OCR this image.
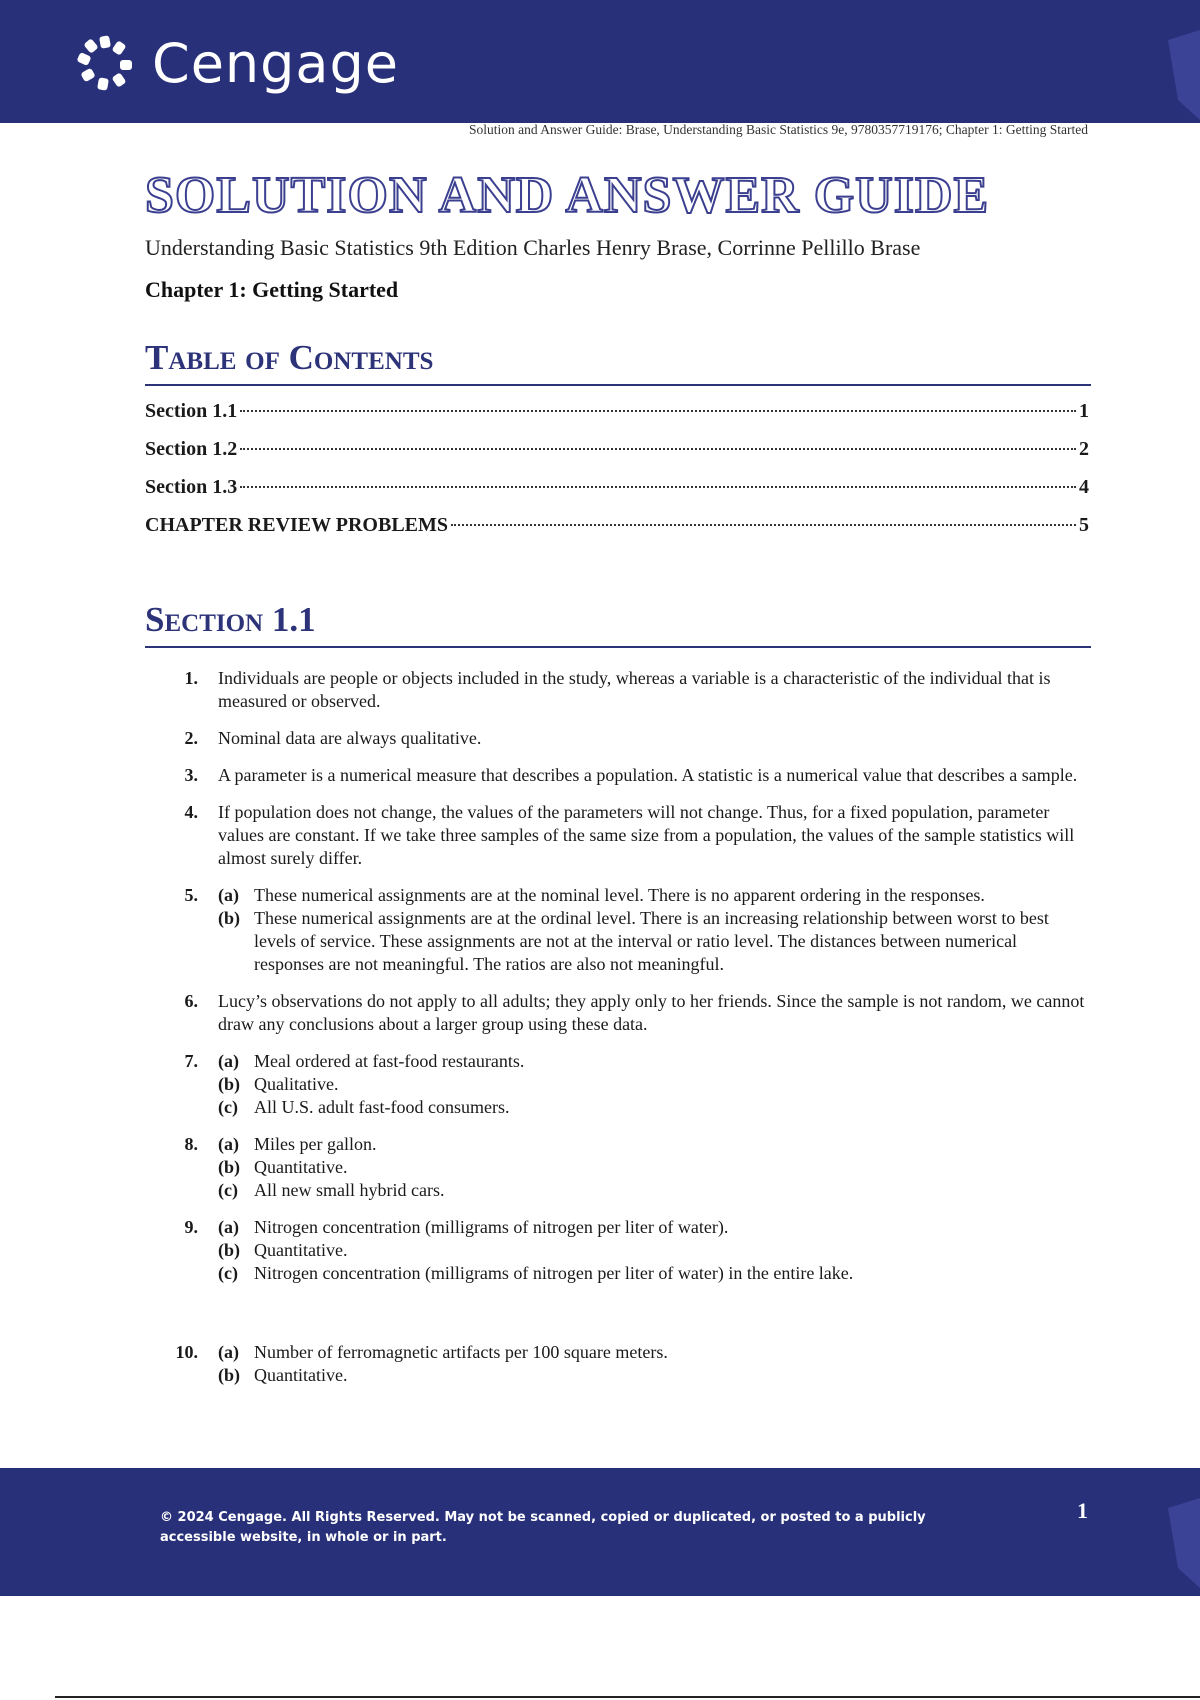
Cengage
Solution and Answer Guide: Brase, Understanding Basic Statistics 9e, 9780357719176; Chapter 1: Getting Started
SOLUTION AND ANSWER GUIDE
Understanding Basic Statistics 9th Edition Charles Henry Brase, Corrinne Pellillo Brase
Chapter 1: Getting Started
Table of Contents
Section 1.1	1
Section 1.2	2
Section 1.3	4
CHAPTER REVIEW PROBLEMS	5
Section 1.1
1.	Individuals are people or objects included in the study, whereas a variable is a characteristic of the individual that is measured or observed.
2.	Nominal data are always qualitative.
3.	A parameter is a numerical measure that describes a population. A statistic is a numerical value that describes a sample.
4.	If population does not change, the values of the parameters will not change. Thus, for a fixed population, parameter values are constant. If we take three samples of the same size from a population, the values of the sample statistics will almost surely differ.
5.	(a) These numerical assignments are at the nominal level. There is no apparent ordering in the responses.
(b) These numerical assignments are at the ordinal level. There is an increasing relationship between worst to best levels of service. These assignments are not at the interval or ratio level. The distances between numerical responses are not meaningful. The ratios are also not meaningful.
6.	Lucy’s observations do not apply to all adults; they apply only to her friends. Since the sample is not random, we cannot draw any conclusions about a larger group using these data.
7.	(a) Meal ordered at fast-food restaurants.
(b) Qualitative.
(c) All U.S. adult fast-food consumers.
8.	(a) Miles per gallon.
(b) Quantitative.
(c) All new small hybrid cars.
9.	(a) Nitrogen concentration (milligrams of nitrogen per liter of water).
(b) Quantitative.
(c) Nitrogen concentration (milligrams of nitrogen per liter of water) in the entire lake.
10.	(a) Number of ferromagnetic artifacts per 100 square meters.
(b) Quantitative.
© 2024 Cengage. All Rights Reserved. May not be scanned, copied or duplicated, or posted to a publicly accessible website, in whole or in part.
1
